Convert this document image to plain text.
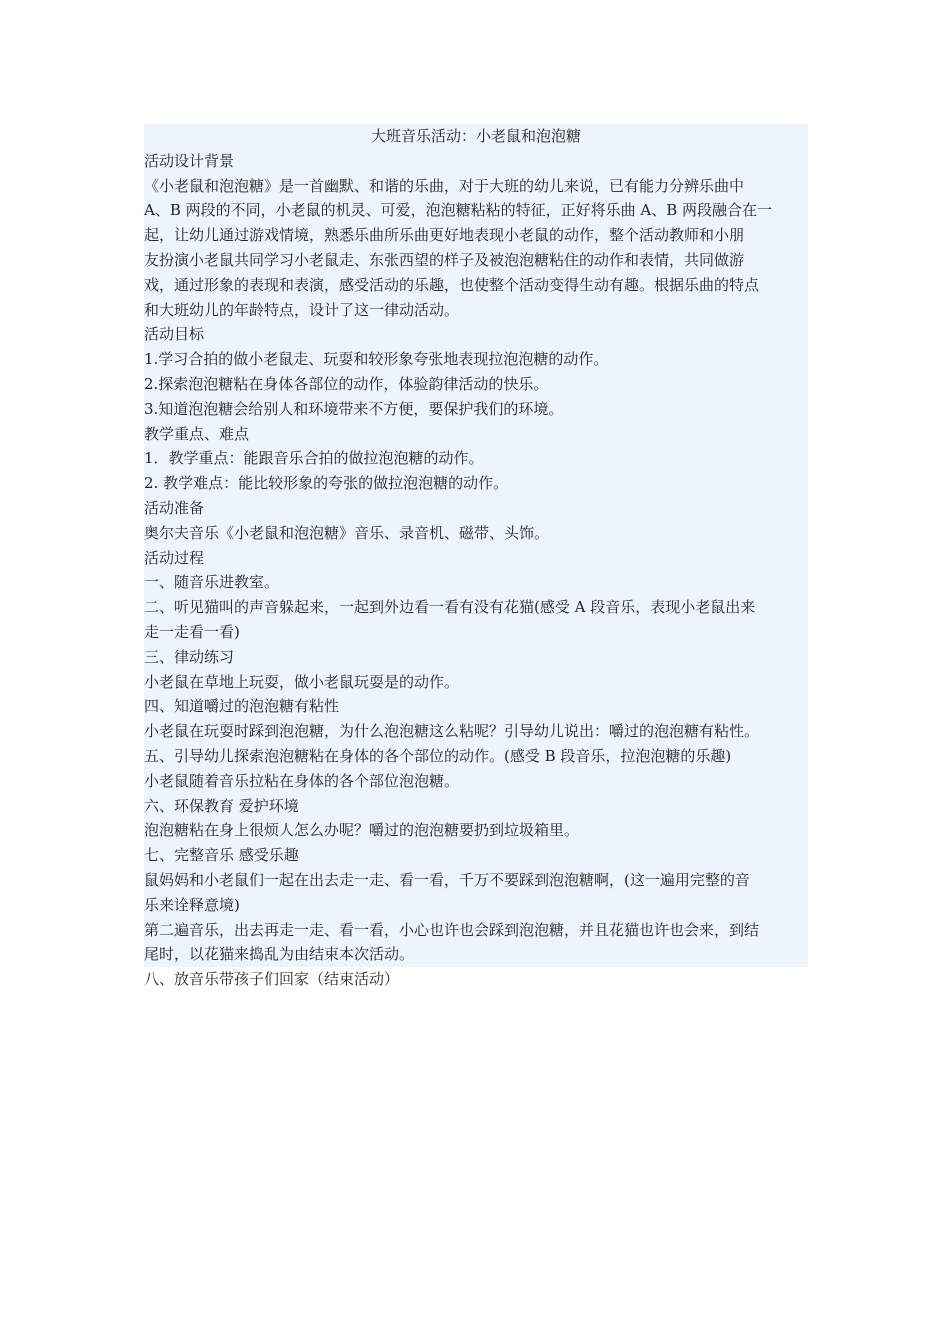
大班音乐活动：小老鼠和泡泡糖
活动设计背景
《小老鼠和泡泡糖》是一首幽默、和谐的乐曲，对于大班的幼儿来说，已有能力分辨乐曲中
A、B 两段的不同，小老鼠的机灵、可爱，泡泡糖粘粘的特征，正好将乐曲 A、B 两段融合在一
起，让幼儿通过游戏情境，熟悉乐曲所乐曲更好地表现小老鼠的动作，整个活动教师和小朋
友扮演小老鼠共同学习小老鼠走、东张西望的样子及被泡泡糖粘住的动作和表情，共同做游
戏，通过形象的表现和表演，感受活动的乐趣，也使整个活动变得生动有趣。根据乐曲的特点
和大班幼儿的年龄特点，设计了这一律动活动。
活动目标
1.学习合拍的做小老鼠走、玩耍和较形象夸张地表现拉泡泡糖的动作。
2.探索泡泡糖粘在身体各部位的动作，体验韵律活动的快乐。
3.知道泡泡糖会给别人和环境带来不方便，要保护我们的环境。
教学重点、难点
1．教学重点：能跟音乐合拍的做拉泡泡糖的动作。
2. 教学难点：能比较形象的夸张的做拉泡泡糖的动作。
活动准备
奥尔夫音乐《小老鼠和泡泡糖》音乐、录音机、磁带、头饰。
活动过程
一、随音乐进教室。
二、听见猫叫的声音躲起来，一起到外边看一看有没有花猫(感受 A 段音乐，表现小老鼠出来
走一走看一看)
三、律动练习
小老鼠在草地上玩耍，做小老鼠玩耍是的动作。
四、知道嚼过的泡泡糖有粘性
小老鼠在玩耍时踩到泡泡糖，为什么泡泡糖这么粘呢？引导幼儿说出：嚼过的泡泡糖有粘性。
五、引导幼儿探索泡泡糖粘在身体的各个部位的动作。(感受 B 段音乐，拉泡泡糖的乐趣)
小老鼠随着音乐拉粘在身体的各个部位泡泡糖。
六、环保教育 爱护环境
泡泡糖粘在身上很烦人怎么办呢？嚼过的泡泡糖要扔到垃圾箱里。
七、完整音乐 感受乐趣
鼠妈妈和小老鼠们一起在出去走一走、看一看，千万不要踩到泡泡糖啊，(这一遍用完整的音
乐来诠释意境)
第二遍音乐，出去再走一走、看一看，小心也许也会踩到泡泡糖，并且花猫也许也会来，到结
尾时，以花猫来捣乱为由结束本次活动。
八、放音乐带孩子们回家（结束活动）
